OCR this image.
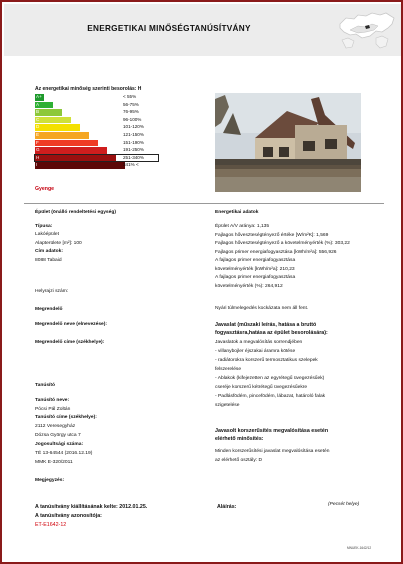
ENERGETIKAI MINŐSÉGTANÚSÍTVÁNY
Az energetikai minőség szerinti besorolás: H
A+	< 55%
A	56-75%
B	76-95%
C	96-100%
D	101-120%
E	121-150%
F	151-190%
G	191-250%
H	251-340%
I	341% <
Gyenge
Épület (önálló rendeltetési egység)
Típusa:
Lakóépület
Alapterülete [m²]: 100
Cím adatok:
8088 Tabaid
Helyrajzi szám:
Megrendelő
Megrendelő neve (elnevezése):
Megrendelő címe (székhelye):
Tanúsító
Tanúsító neve:
Pócsi Pál Zoltán
Tanúsító címe (székhelye):
2112 Veresegyház
Dózsa György utca 7
Jogosultsági száma:
TÉ 13-64544 (2016.12.19)
MMK E-320/2011
Megjegyzés:
Energetikai adatok
Épület A/V aránya: 1,135
Fajlagos hőveszteségtényező értéke [W/m²K]: 1,569
Fajlagos hőveszteségtényező a követelményérték (%): 303,22
Fajlagos primer energiafogyasztása [kWh/m²a]: 556,926
A fajlagos primer energiafogyasztása
követelményérték [kWh/m²a]: 210,23
A fajlagos primer energiafogyasztása
követelményérték (%): 264,912
Nyári túlmelegedés kockázata nem áll fent.
Javaslat (műszaki leírás, hatása a bruttó
fogyasztásra,hatása az épület besorolására):
Javaslatok a megvalósítás sorrendjében
- villanybojler éjszakai áramra kötése
- radiátorokra korszerű termosztatikus szelepek
felszerelése
- Ablakok (kifejezetten az egyrétegű üvegezésűek)
cseréje korszerű kétrétegű üvegezésűekre
- Padlásfödém, pincefödém, lábazat, határoló falak
szigetelése
Javasolt korszerűsítés megvalósítása esetén
elérhető minősítés:
Minden korszerűsítési javaslat megvalósítása esetén
az elérhető osztály: D
A tanúsítvány kiállításának kelte: 2012.01.25.
A tanúsítvány azonosítója:
ET-E1642-12
Aláírás:	(Pecsét helye)
MNUEK-1642/12
